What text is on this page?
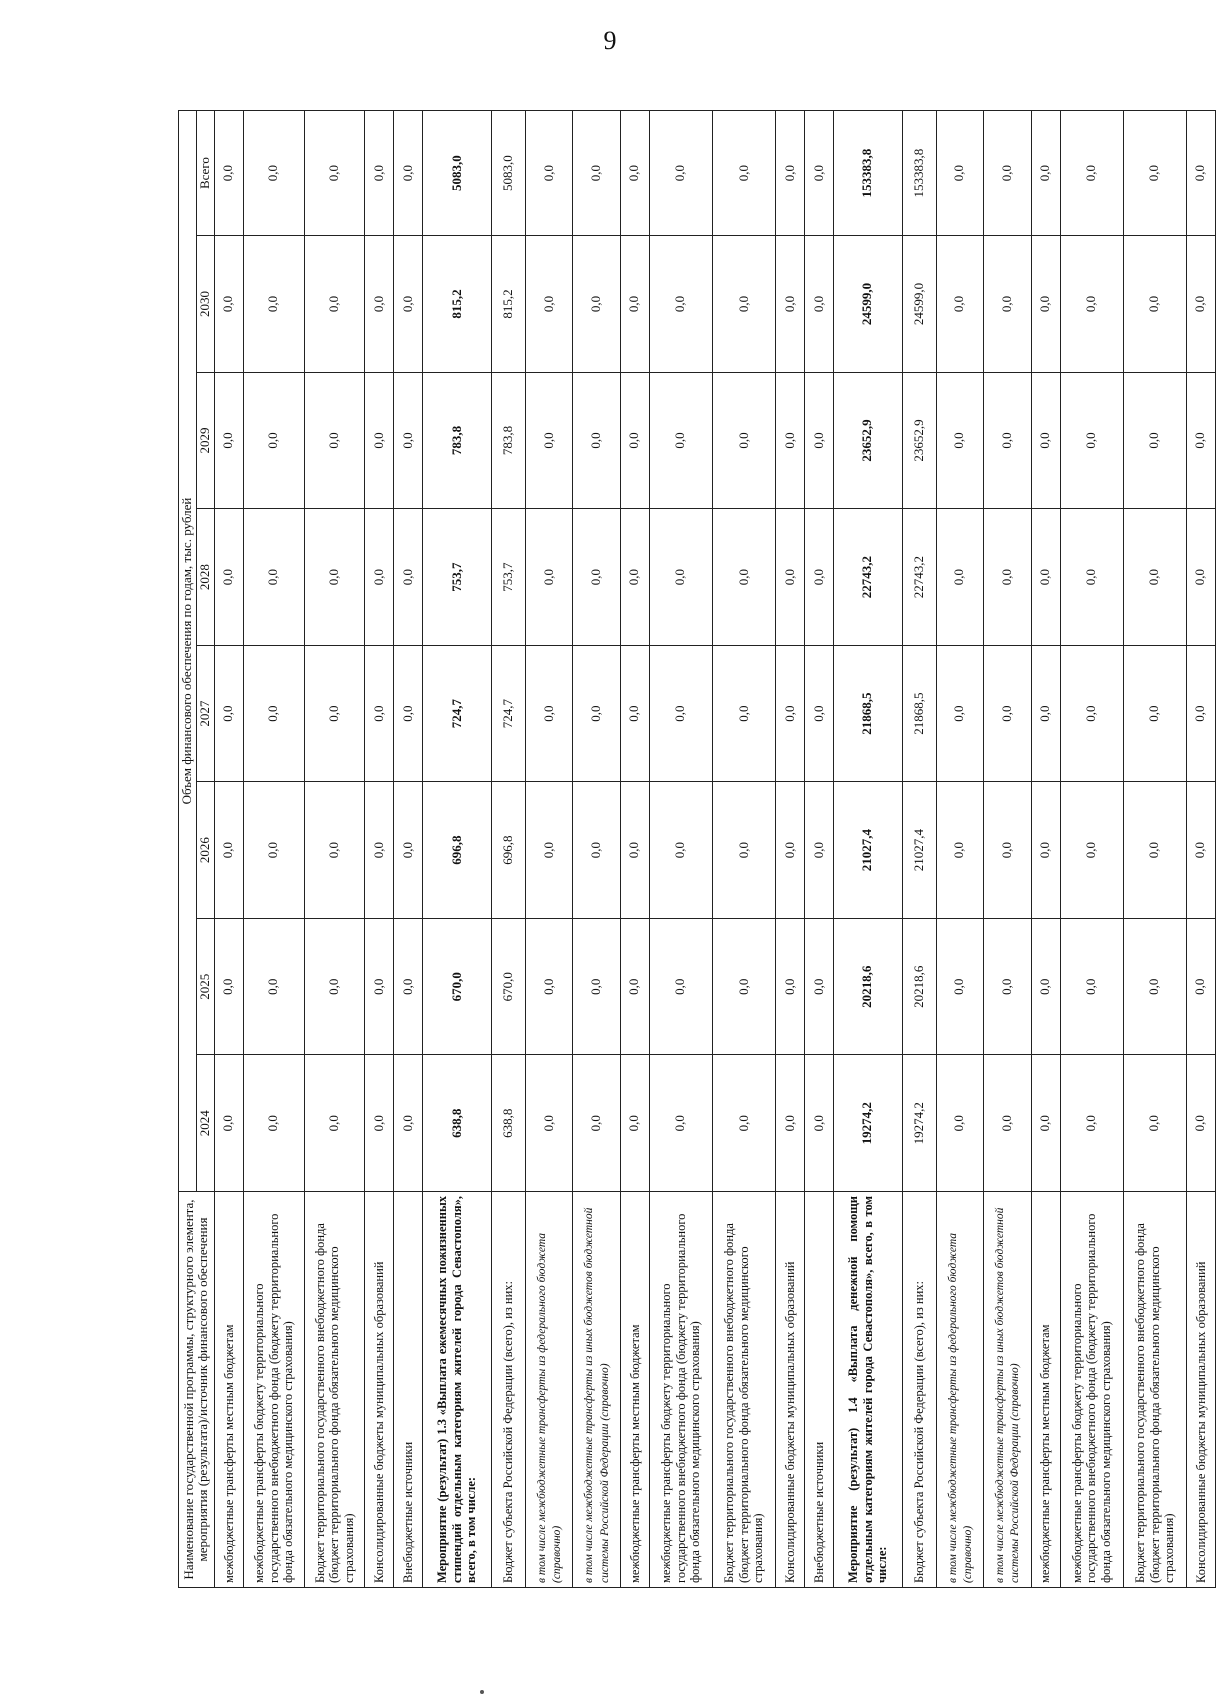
9
Наименование государственной программы, структурного элемента, мероприятия (результата)/источник финансового обеспечения	Объем финансового обеспечения по годам, тыс. рублей							
	2024	2025	2026	2027	2028	2029	2030	Всего
межбюджетные трансферты местным бюджетам	0,0	0,0	0,0	0,0	0,0	0,0	0,0	0,0
межбюджетные трансферты бюджету территориального государственного внебюджетного фонда (бюджету территориального фонда обязательного медицинского страхования)	0,0	0,0	0,0	0,0	0,0	0,0	0,0	0,0
Бюджет территориального государственного внебюджетного фонда (бюджет территориального фонда обязательного медицинского страхования)	0,0	0,0	0,0	0,0	0,0	0,0	0,0	0,0
Консолидированные бюджеты муниципальных образований	0,0	0,0	0,0	0,0	0,0	0,0	0,0	0,0
Внебюджетные источники	0,0	0,0	0,0	0,0	0,0	0,0	0,0	0,0
Мероприятие (результат) 1.3 «Выплата ежемесячных пожизненных стипендий отдельным категориям жителей города Севастополя», всего, в том числе:	638,8	670,0	696,8	724,7	753,7	783,8	815,2	5083,0
Бюджет субъекта Российской Федерации (всего), из них:	638,8	670,0	696,8	724,7	753,7	783,8	815,2	5083,0
в том числе межбюджетные трансферты из федерального бюджета (справочно)	0,0	0,0	0,0	0,0	0,0	0,0	0,0	0,0
в том числе межбюджетные трансферты из иных бюджетов бюджетной системы Российской Федерации (справочно)	0,0	0,0	0,0	0,0	0,0	0,0	0,0	0,0
межбюджетные трансферты местным бюджетам	0,0	0,0	0,0	0,0	0,0	0,0	0,0	0,0
межбюджетные трансферты бюджету территориального государственного внебюджетного фонда (бюджету территориального фонда обязательного медицинского страхования)	0,0	0,0	0,0	0,0	0,0	0,0	0,0	0,0
Бюджет территориального государственного внебюджетного фонда (бюджет территориального фонда обязательного медицинского страхования)	0,0	0,0	0,0	0,0	0,0	0,0	0,0	0,0
Консолидированные бюджеты муниципальных образований	0,0	0,0	0,0	0,0	0,0	0,0	0,0	0,0
Внебюджетные источники	0,0	0,0	0,0	0,0	0,0	0,0	0,0	0,0
Мероприятие (результат) 1.4 «Выплата денежной помощи отдельным категориям жителей города Севастополя», всего, в том числе:	19274,2	20218,6	21027,4	21868,5	22743,2	23652,9	24599,0	153383,8
Бюджет субъекта Российской Федерации (всего), из них:	19274,2	20218,6	21027,4	21868,5	22743,2	23652,9	24599,0	153383,8
в том числе межбюджетные трансферты из федерального бюджета (справочно)	0,0	0,0	0,0	0,0	0,0	0,0	0,0	0,0
в том числе межбюджетные трансферты из иных бюджетов бюджетной системы Российской Федерации (справочно)	0,0	0,0	0,0	0,0	0,0	0,0	0,0	0,0
межбюджетные трансферты местным бюджетам	0,0	0,0	0,0	0,0	0,0	0,0	0,0	0,0
межбюджетные трансферты бюджету территориального государственного внебюджетного фонда (бюджету территориального фонда обязательного медицинского страхования)	0,0	0,0	0,0	0,0	0,0	0,0	0,0	0,0
Бюджет территориального государственного внебюджетного фонда (бюджет территориального фонда обязательного медицинского страхования)	0,0	0,0	0,0	0,0	0,0	0,0	0,0	0,0
Консолидированные бюджеты муниципальных образований	0,0	0,0	0,0	0,0	0,0	0,0	0,0	0,0
